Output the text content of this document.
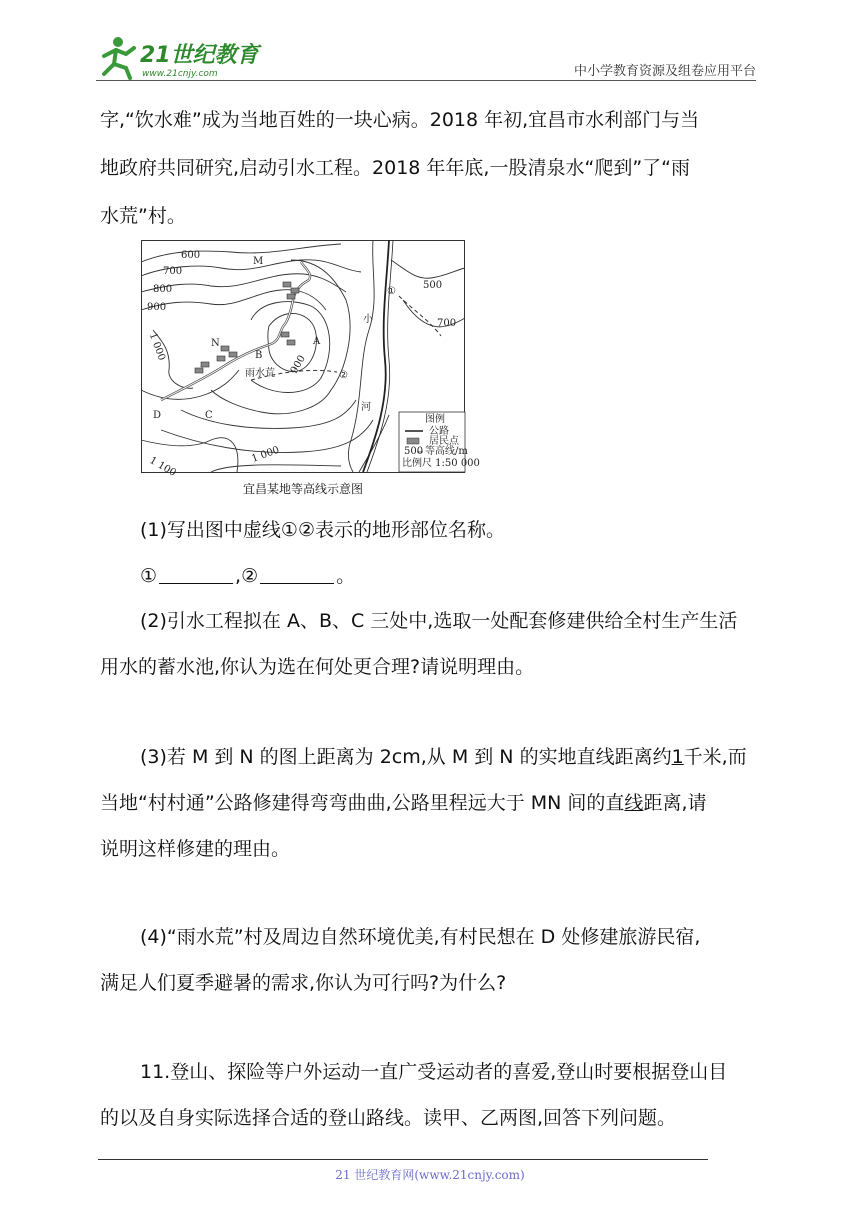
21世纪教育
www.21cnjy.com	中小学教育资源及组卷应用平台
字,“饮水难”成为当地百姓的一块心病。2018 年初,宜昌市水利部门与当
地政府共同研究,启动引水工程。2018 年年底,一股清泉水“爬到”了“雨
水荒”村。
600
700
800
900
500
700
1 000
900
1 000
1 100
M
N	A
B
C
D
①
②
雨水荒
小
河
图例
公路
居民点
500 等高线/m
比例尺 1:50 000
宜昌某地等高线示意图
(1)写出图中虚线①②表示的地形部位名称。
①	,②	。
(2)引水工程拟在 A、B、C 三处中,选取一处配套修建供给全村生产生活
用水的蓄水池,你认为选在何处更合理?请说明理由。
(3)若 M 到 N 的图上距离为 2cm,从 M 到 N 的实地直线距离约1千米,而
当地“村村通”公路修建得弯弯曲曲,公路里程远大于 MN 间的直线距离,请
说明这样修建的理由。
(4)“雨水荒”村及周边自然环境优美,有村民想在 D 处修建旅游民宿,
满足人们夏季避暑的需求,你认为可行吗?为什么?
11.登山、探险等户外运动一直广受运动者的喜爱,登山时要根据登山目
的以及自身实际选择合适的登山路线。读甲、乙两图,回答下列问题。
21 世纪教育网(www.21cnjy.com)
